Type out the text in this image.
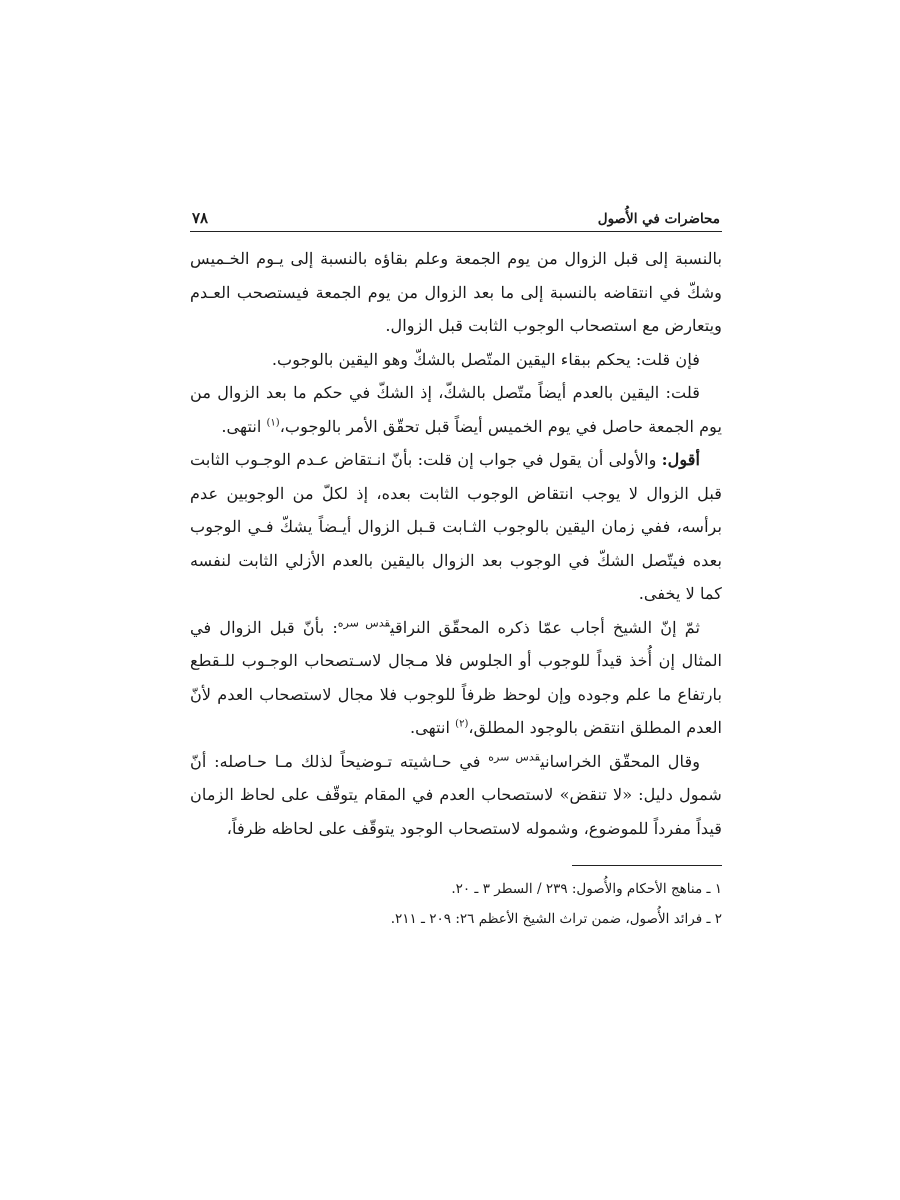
محاضرات في الأُصول
٧٨

بالنسبة إلى قبل الزوال من يوم الجمعة وعلم بقاؤه بالنسبة إلى يـوم الخـميس وشكّ في انتقاضه بالنسبة إلى ما بعد الزوال من يوم الجمعة فيستصحب العـدم ويتعارض مع استصحاب الوجوب الثابت قبل الزوال.

فإن قلت: يحكم ببقاء اليقين المتّصل بالشكّ وهو اليقين بالوجوب.

قلت: اليقين بالعدم أيضاً متّصل بالشكّ، إذ الشكّ في حكم ما بعد الزوال من يوم الجمعة حاصل في يوم الخميس أيضاً قبل تحقّق الأمر بالوجوب،$^{(١)}$ انتهى.

أقول: والأولى أن يقول في جواب إن قلت: بأنّ انـتقاض عـدم الوجـوب الثابت قبل الزوال لا يوجب انتقاض الوجوب الثابت بعده، إذ لكلّ من الوجوبين عدم برأسه، ففي زمان اليقين بالوجوب الثـابت قـبل الزوال أيـضاً يشكّ فـي الوجوب بعده فيتّصل الشكّ في الوجوب بعد الزوال باليقين بالعدم الأزلي الثابت لنفسه كما لا يخفى.

ثمّ إنّ الشيخ أجاب عمّا ذكره المحقّق النراقي$^{قدس سره}$: بأنّ قبل الزوال في المثال إن أُخذ قيداً للوجوب أو الجلوس فلا مـجال لاسـتصحاب الوجـوب للـقطع بارتفاع ما علم وجوده وإن لوحظ ظرفاً للوجوب فلا مجال لاستصحاب العدم لأنّ العدم المطلق انتقض بالوجود المطلق،$^{(٢)}$ انتهى.

وقال المحقّق الخراساني$^{قدس سره}$ في حـاشيته تـوضيحاً لذلك مـا حـاصله: أنّ شمول دليل: «لا تنقض» لاستصحاب العدم في المقام يتوقّف على لحاظ الزمان قيداً مفرداً للموضوع، وشموله لاستصحاب الوجود يتوقّف على لحاظه ظرفاً،

١ ـ مناهج الأحكام والأُصول: ٢٣٩ / السطر ٣ ـ ٢٠.

٢ ـ فرائد الأُصول، ضمن تراث الشيخ الأعظم ٢٦: ٢٠٩ ـ ٢١١.
